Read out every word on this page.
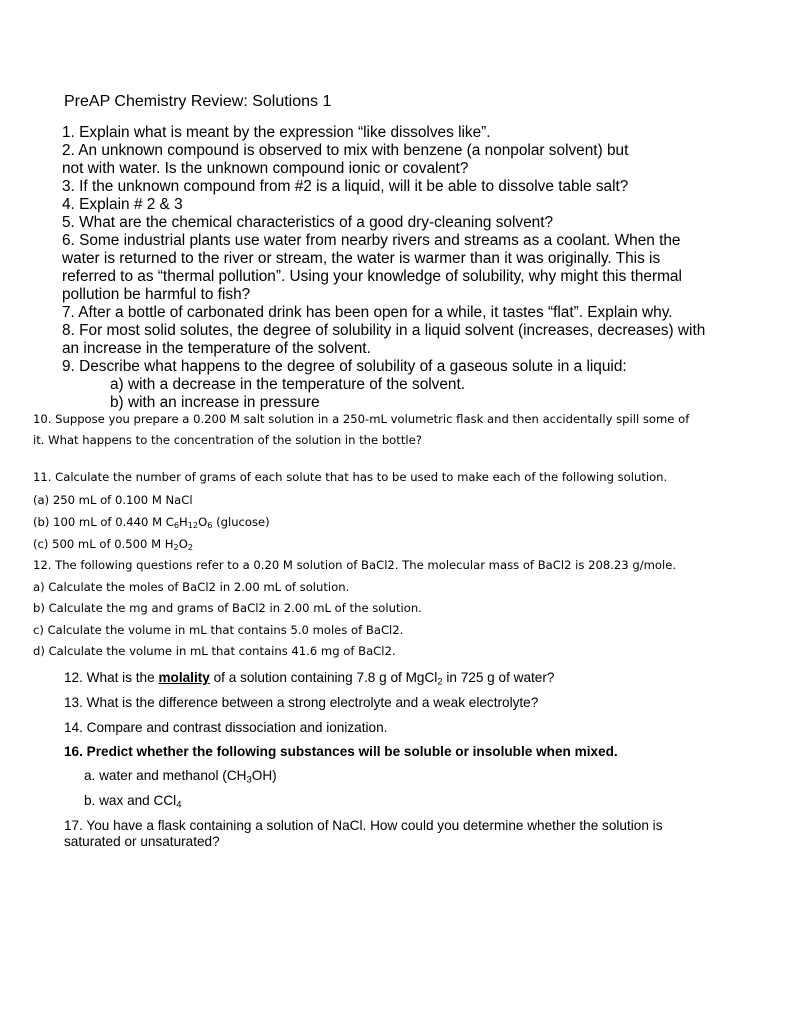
PreAP Chemistry Review: Solutions 1
1. Explain what is meant by the expression “like dissolves like”.
2. An unknown compound is observed to mix with benzene (a nonpolar solvent) but
not with water. Is the unknown compound ionic or covalent?
3. If the unknown compound from #2 is a liquid, will it be able to dissolve table salt?
4. Explain # 2 & 3
5. What are the chemical characteristics of a good dry-cleaning solvent?
6. Some industrial plants use water from nearby rivers and streams as a coolant. When the
water is returned to the river or stream, the water is warmer than it was originally. This is
referred to as “thermal pollution”. Using your knowledge of solubility, why might this thermal
pollution be harmful to fish?
7. After a bottle of carbonated drink has been open for a while, it tastes “flat”. Explain why.
8. For most solid solutes, the degree of solubility in a liquid solvent (increases, decreases) with
an increase in the temperature of the solvent.
9. Describe what happens to the degree of solubility of a gaseous solute in a liquid:
a) with a decrease in the temperature of the solvent.
b) with an increase in pressure
10. Suppose you prepare a 0.200 M salt solution in a 250-mL volumetric flask and then accidentally spill some of
it. What happens to the concentration of the solution in the bottle?
11. Calculate the number of grams of each solute that has to be used to make each of the following solution.
(a) 250 mL of 0.100 M NaCl
(b) 100 mL of 0.440 M $C_6H_{12}O_6$ (glucose)
(c) 500 mL of 0.500 M $H_2O_2$
12. The following questions refer to a 0.20 M solution of BaCl2. The molecular mass of BaCl2 is 208.23 g/mole.
a) Calculate the moles of BaCl2 in 2.00 mL of solution.
b) Calculate the mg and grams of BaCl2 in 2.00 mL of the solution.
c) Calculate the volume in mL that contains 5.0 moles of BaCl2.
d) Calculate the volume in mL that contains 41.6 mg of BaCl2.
12. What is the molality of a solution containing 7.8 g of MgCl$_2$ in 725 g of water?
13. What is the difference between a strong electrolyte and a weak electrolyte?
14. Compare and contrast dissociation and ionization.
16. Predict whether the following substances will be soluble or insoluble when mixed.
a. water and methanol $(CH_3OH)$
b. wax and CCl$_4$
17. You have a flask containing a solution of NaCl. How could you determine whether the solution is
saturated or unsaturated?
